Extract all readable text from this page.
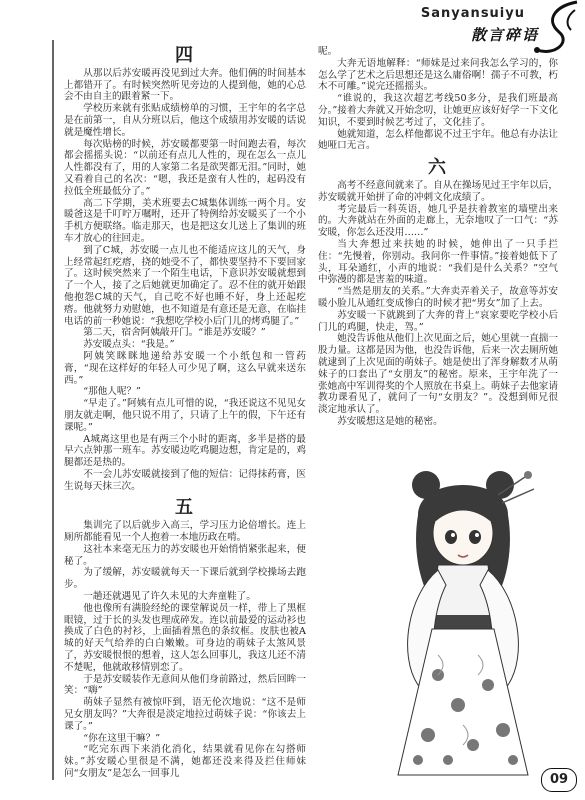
Sanyansuiyu
散言碎语
四

从那以后苏安暖再没见到过大奔。他们俩的时间基本上都错开了。有时候突然听见旁边的人提到他，她的心总会不由自主的跟着紧一下。

学校历来就有张贴成绩榜单的习惯，王宇年的名字总是在前第一，自从分班以后，他这个成绩用苏安暖的话说就是魔性增长。

每次贴榜的时候，苏安暖都要第一时间跑去看，每次都会摇摇头说：“以前还有点儿人性的，现在怎么一点儿人性都没有了，用的人家第二名是欲哭都无泪。”同时，她又看着自己的名次：“嗯，我还是蛮有人性的，起码没有拉低全班最低分了。”

高二下学期，美术班要去C城集体训练一两个月。安暖爸这是千叮咛万嘱咐，还开了特例给苏安暖买了一个小手机方便联络。临走那天，也是把这女儿送上了集训的班车才放心的往回走。

到了C城，苏安暖一点儿也不能适应这儿的天气，身上经常起红疙瘩，挠的她受不了，都快要坚持不下要回家了。这时候突然来了一个陌生电话，下意识苏安暖就想到了一个人，接了之后她就更加确定了。忍不住的就开始跟他抱怨C城的天气，自己吃不好也睡不好，身上还起疙瘩。他就努力劝慰她，也不知道是有意还是无意，在临挂电话的前一秒她说：“我想吃学校小后门儿的烤鸡腿了。”

第二天，宿舍阿姨敲开门。“谁是苏安暖？”

苏安暖点头：“我是。”

阿姨笑眯眯地递给苏安暖一个小纸包和一管药膏，“现在这样好的年轻人可少见了啊，这么早就来送东西。”

“那他人呢？”

“早走了。”阿姨有点儿可惜的说，“我还说这不见见女朋友就走啊，他只说不用了，只请了上午的假，下午还有课呢。”

A城离这里也是有两三个小时的距离，多半是搭的最早六点钟那一班车。苏安暖边吃鸡腿边想，肯定是的，鸡腿都还是热的。

不一会儿苏安暖就接到了他的短信：记得抹药膏，医生说每天抹三次。

五

集训完了以后就步入高三，学习压力论倍增长。连上厕所都能看见一个人抱着一本地历政在啃。

这社本来毫无压力的苏安暖也开始悄悄紧张起来，便秘了。

为了缓解，苏安暖就每天一下课后就到学校操场去跑步。

一趟还就遇见了许久未见的大奔童鞋了。

他也像所有满脸经纶的课堂解说员一样，带上了黑框眼镜，过于长的头发也理成碎发。连以前最爱的运动衫也换成了白色的衬衫，上面插着黑色的条纹框。皮肤也被A城的好天气给养的白白嫩嫩。可身边的萌妹子太煞风景了，苏安暖恨恨的想着，这人怎么回事儿，我这儿还不清不楚呢，他就敢移情别恋了。

于是苏安暖装作无意间从他们身前路过，然后回眸一笑：“嗨”

萌妹子显然有被惊吓到，语无伦次地说：“这不是师兄女朋友吗？”大奔很是淡定地拉过萌妹子说：“你该去上课了。”

“你在这里干嘛？”

“吃完东西下来消化消化，结果就看见你在勾搭师妹。”苏安暖心里很是不满，她都还没来得及拦住师妹问“女朋友”是怎么一回事儿

呢。

大奔无语地解释：“师妹是过来问我怎么学习的，你怎么学了艺术之后思想还是这么庸俗啊！孺子不可教，朽木不可雕。”说完还摇摇头。

“谁说的，我这次超艺考线50多分，是我们班最高分。”接着大奔就又开始念叨，让她更应该好好学一下文化知识，不要到时候艺考过了，文化挂了。

她就知道，怎么样他都说不过王宇年。他总有办法让她哑口无言。

六

高考不经意间就来了。自从在操场见过王宇年以后，苏安暖就开始拼了命的冲刺文化成绩了。

考完最后一科英语，她几乎是扶着教室的墙壁出来的。大奔就站在外面的走廊上，无奈地叹了一口气：“苏安暖，你怎么还没用……”

当大奔想过来扶她的时候，她伸出了一只手拦住：“先慢着，你别动。我问你一件事情。”接着她低下了头，耳朵通红，小声的地说：“我们是什么关系？”空气中弥漫的都是害羞的味道。

“当然是朋友的关系。”大奔卖弄着关子，故意等苏安暖小脸儿从通红变成惨白的时候才把“男女”加了上去。

苏安暖一下就跳到了大奔的背上“哀家要吃学校小后门儿的鸡腿，快走，驾。”

她没告诉他从他们上次见面之后，她心里就一直揣一股力量。这都是因为他，也没告诉他，后来一次去厕所她就逮到了上次见面的萌妹子。她是使出了浑身解数才从萌妹子的口套出了“女朋友”的秘密。原来，王宇年洗了一张她高中军训得奖的个人照放在书桌上。萌妹子去他家请教功课看见了，就问了一句“女朋友？”。没想到师兄很淡定地承认了。

苏安暖想这是她的秘密。

09
